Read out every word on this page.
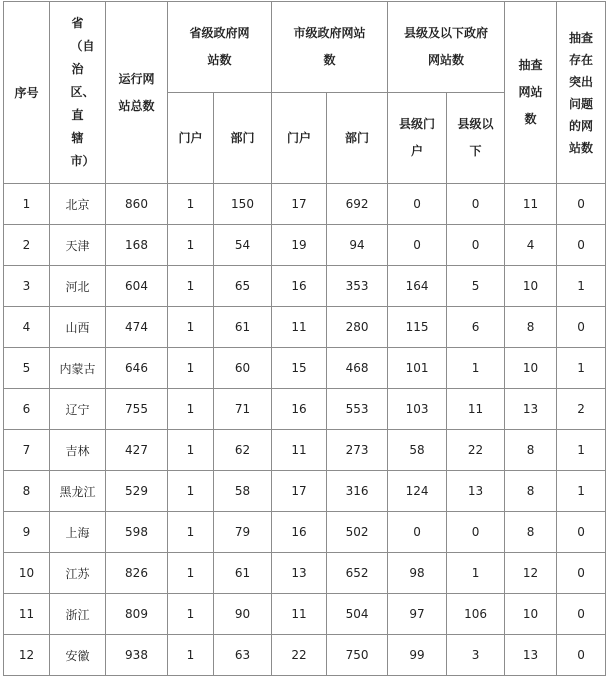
序号	省（自治区、直辖市）	运行网站总数	省级政府网站数		市级政府网站数		县级及以下政府网站数		抽查网站数	抽查存在突出问题的网站数

			门户	部门	门户	部门	县级门户	县级以下		
1	北京	860	1	150	17	692	0	0	11	0
2	天津	168	1	54	19	94	0	0	4	0
3	河北	604	1	65	16	353	164	5	10	1
4	山西	474	1	61	11	280	115	6	8	0
5	内蒙古	646	1	60	15	468	101	1	10	1
6	辽宁	755	1	71	16	553	103	11	13	2
7	吉林	427	1	62	11	273	58	22	8	1
8	黑龙江	529	1	58	17	316	124	13	8	1
9	上海	598	1	79	16	502	0	0	8	0
10	江苏	826	1	61	13	652	98	1	12	0
11	浙江	809	1	90	11	504	97	106	10	0
12	安徽	938	1	63	22	750	99	3	13	0
